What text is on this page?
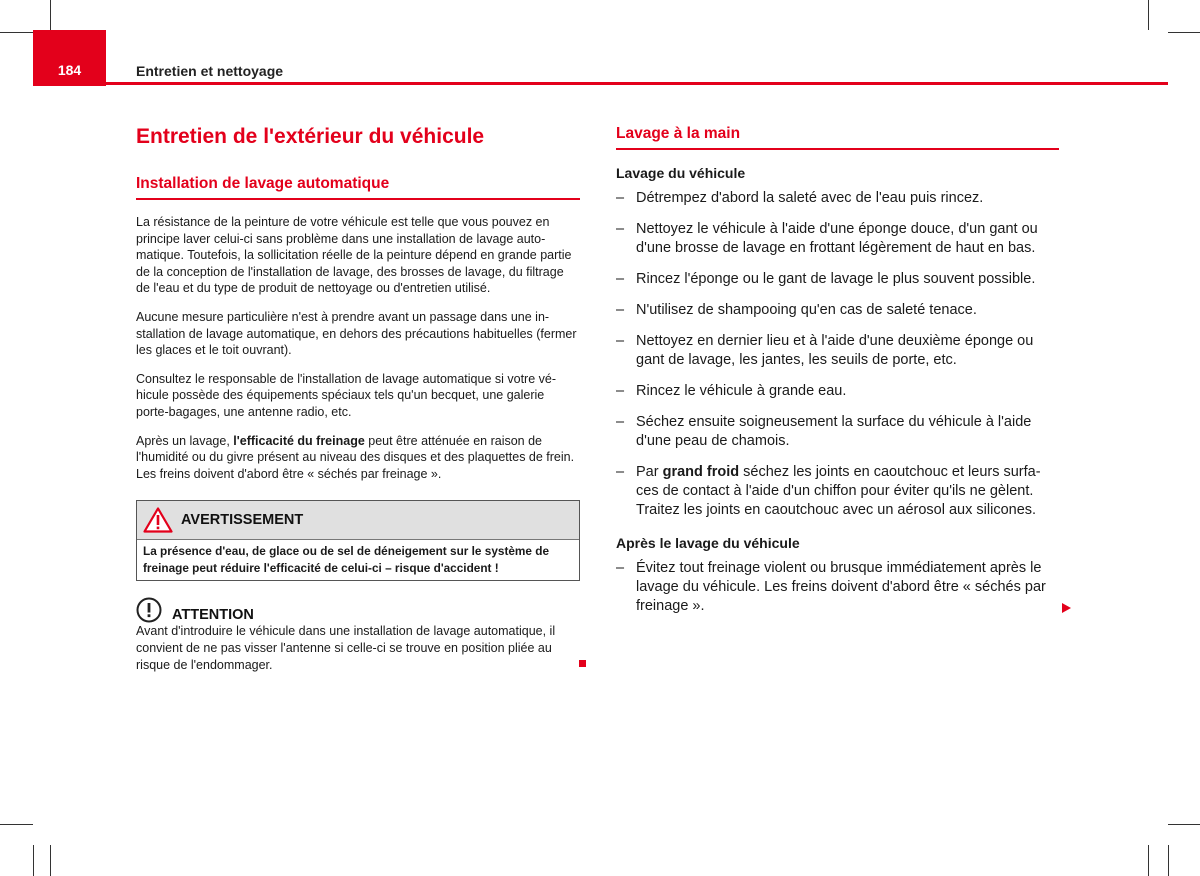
184	Entretien et nettoyage
Entretien de l'extérieur du véhicule
Installation de lavage automatique

La résistance de la peinture de votre véhicule est telle que vous pouvez en principe laver celui-ci sans problème dans une installation de lavage auto-matique. Toutefois, la sollicitation réelle de la peinture dépend en grande partie de la conception de l'installation de lavage, des brosses de lavage, du filtrage de l'eau et du type de produit de nettoyage ou d'entretien utilisé.

Aucune mesure particulière n'est à prendre avant un passage dans une in-stallation de lavage automatique, en dehors des précautions habituelles (fermer les glaces et le toit ouvrant).

Consultez le responsable de l'installation de lavage automatique si votre vé-hicule possède des équipements spéciaux tels qu'un becquet, une galerie porte-bagages, une antenne radio, etc.

Après un lavage, l'efficacité du freinage peut être atténuée en raison de l'humidité ou du givre présent au niveau des disques et des plaquettes de frein. Les freins doivent d'abord être « séchés par freinage ».

AVERTISSEMENT
La présence d'eau, de glace ou de sel de déneigement sur le système de freinage peut réduire l'efficacité de celui-ci – risque d'accident !
ATTENTION

Avant d'introduire le véhicule dans une installation de lavage automatique, il convient de ne pas visser l'antenne si celle-ci se trouve en position pliée au risque de l'endommager.

Lavage à la main
Lavage du véhicule
– Détrempez d'abord la saleté avec de l'eau puis rincez.
– Nettoyez le véhicule à l'aide d'une éponge douce, d'un gant ou d'une brosse de lavage en frottant légèrement de haut en bas.
– Rincez l'éponge ou le gant de lavage le plus souvent possible.
– N'utilisez de shampooing qu'en cas de saleté tenace.
– Nettoyez en dernier lieu et à l'aide d'une deuxième éponge ou gant de lavage, les jantes, les seuils de porte, etc.
– Rincez le véhicule à grande eau.
– Séchez ensuite soigneusement la surface du véhicule à l'aide d'une peau de chamois.
– Par grand froid séchez les joints en caoutchouc et leurs surfa-ces de contact à l'aide d'un chiffon pour éviter qu'ils ne gèlent. Traitez les joints en caoutchouc avec un aérosol aux silicones.
Après le lavage du véhicule
– Évitez tout freinage violent ou brusque immédiatement après le lavage du véhicule. Les freins doivent d'abord être « séchés par freinage ».
